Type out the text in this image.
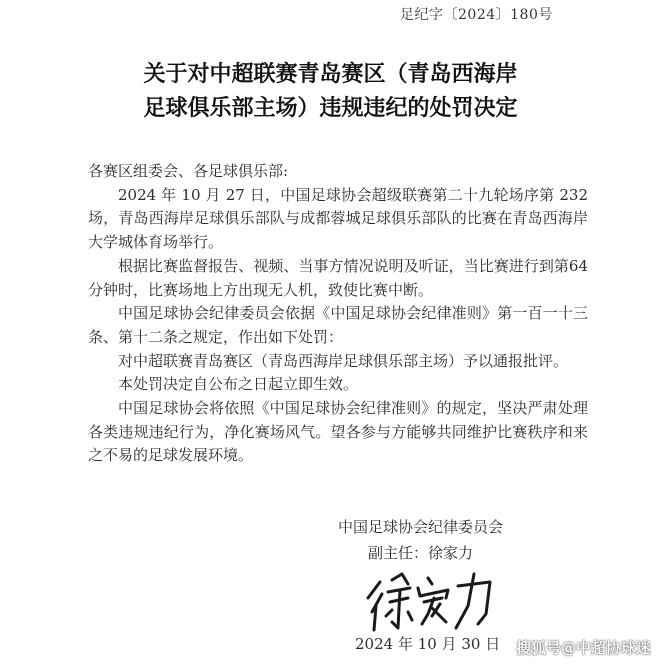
足纪字〔2024〕180号
关于对中超联赛青岛赛区（青岛西海岸
足球俱乐部主场）违规违纪的处罚决定

各赛区组委会、各足球俱乐部:

2024 年 10 月 27 日，中国足球协会超级联赛第二十九轮场序第 232 场，青岛西海岸足球俱乐部队与成都蓉城足球俱乐部队的比赛在青岛西海岸大学城体育场举行。

根据比赛监督报告、视频、当事方情况说明及听证，当比赛进行到第64分钟时，比赛场地上方出现无人机，致使比赛中断。

中国足球协会纪律委员会依据《中国足球协会纪律准则》第一百一十三条、第十二条之规定，作出如下处罚：

对中超联赛青岛赛区（青岛西海岸足球俱乐部主场）予以通报批评。

本处罚决定自公布之日起立即生效。

中国足球协会将依照《中国足球协会纪律准则》的规定，坚决严肃处理各类违规违纪行为，净化赛场风气。望各参与方能够共同维护比赛秩序和来之不易的足球发展环境。

中国足球协会纪律委员会
副主任：徐家力
2024 年 10 月 30 日 搜狐号@中超协球迷
